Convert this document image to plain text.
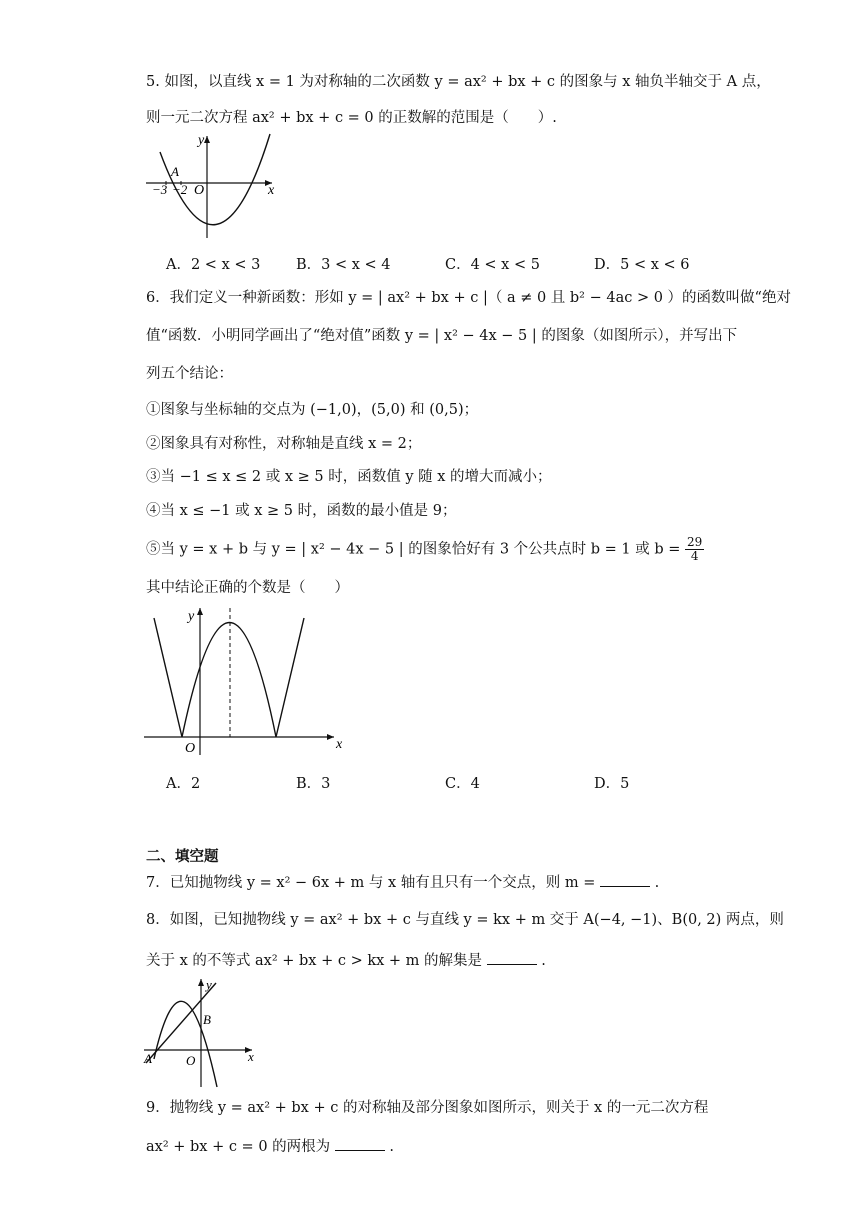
5. 如图，以直线 x = 1 为对称轴的二次函数 y = ax² + bx + c 的图象与 x 轴负半轴交于 A 点，
则一元二次方程 ax² + bx + c = 0 的正数解的范围是（　　）.
y
x
O
A
−3 −2
A．2 < x < 3 B．3 < x < 4	C．4 < x < 5	D．5 < x < 6
6．我们定义一种新函数：形如 y = | ax² + bx + c |（ a ≠ 0 且 b² − 4ac > 0 ）的函数叫做“绝对
值“函数．小明同学画出了“绝对值”函数 y = | x² − 4x − 5 | 的图象（如图所示），并写出下
列五个结论：
①图象与坐标轴的交点为 (−1,0)，(5,0) 和 (0,5)；
②图象具有对称性，对称轴是直线 x = 2；
③当 −1 ≤ x ≤ 2 或 x ≥ 5 时，函数值 y 随 x 的增大而减小；
④当 x ≤ −1 或 x ≥ 5 时，函数的最小值是 9；
⑤当 y = x + b 与 y = | x² − 4x − 5 | 的图象恰好有 3 个公共点时 b = 1 或 $b = \frac{29}{4}$
其中结论正确的个数是（　　）
y
x
O
A．2	B．3	C．4	D．5
二、填空题
7．已知抛物线 y = x² − 6x + m 与 x 轴有且只有一个交点，则 m =	.
8．如图，已知抛物线 y = ax² + bx + c 与直线 y = kx + m 交于 A(−4, −1)、B(0, 2) 两点，则
关于 x 的不等式 ax² + bx + c > kx + m 的解集是	.
y
x
O
A
B
9．抛物线 y = ax² + bx + c 的对称轴及部分图象如图所示，则关于 x 的一元二次方程
ax² + bx + c = 0 的两根为	.
